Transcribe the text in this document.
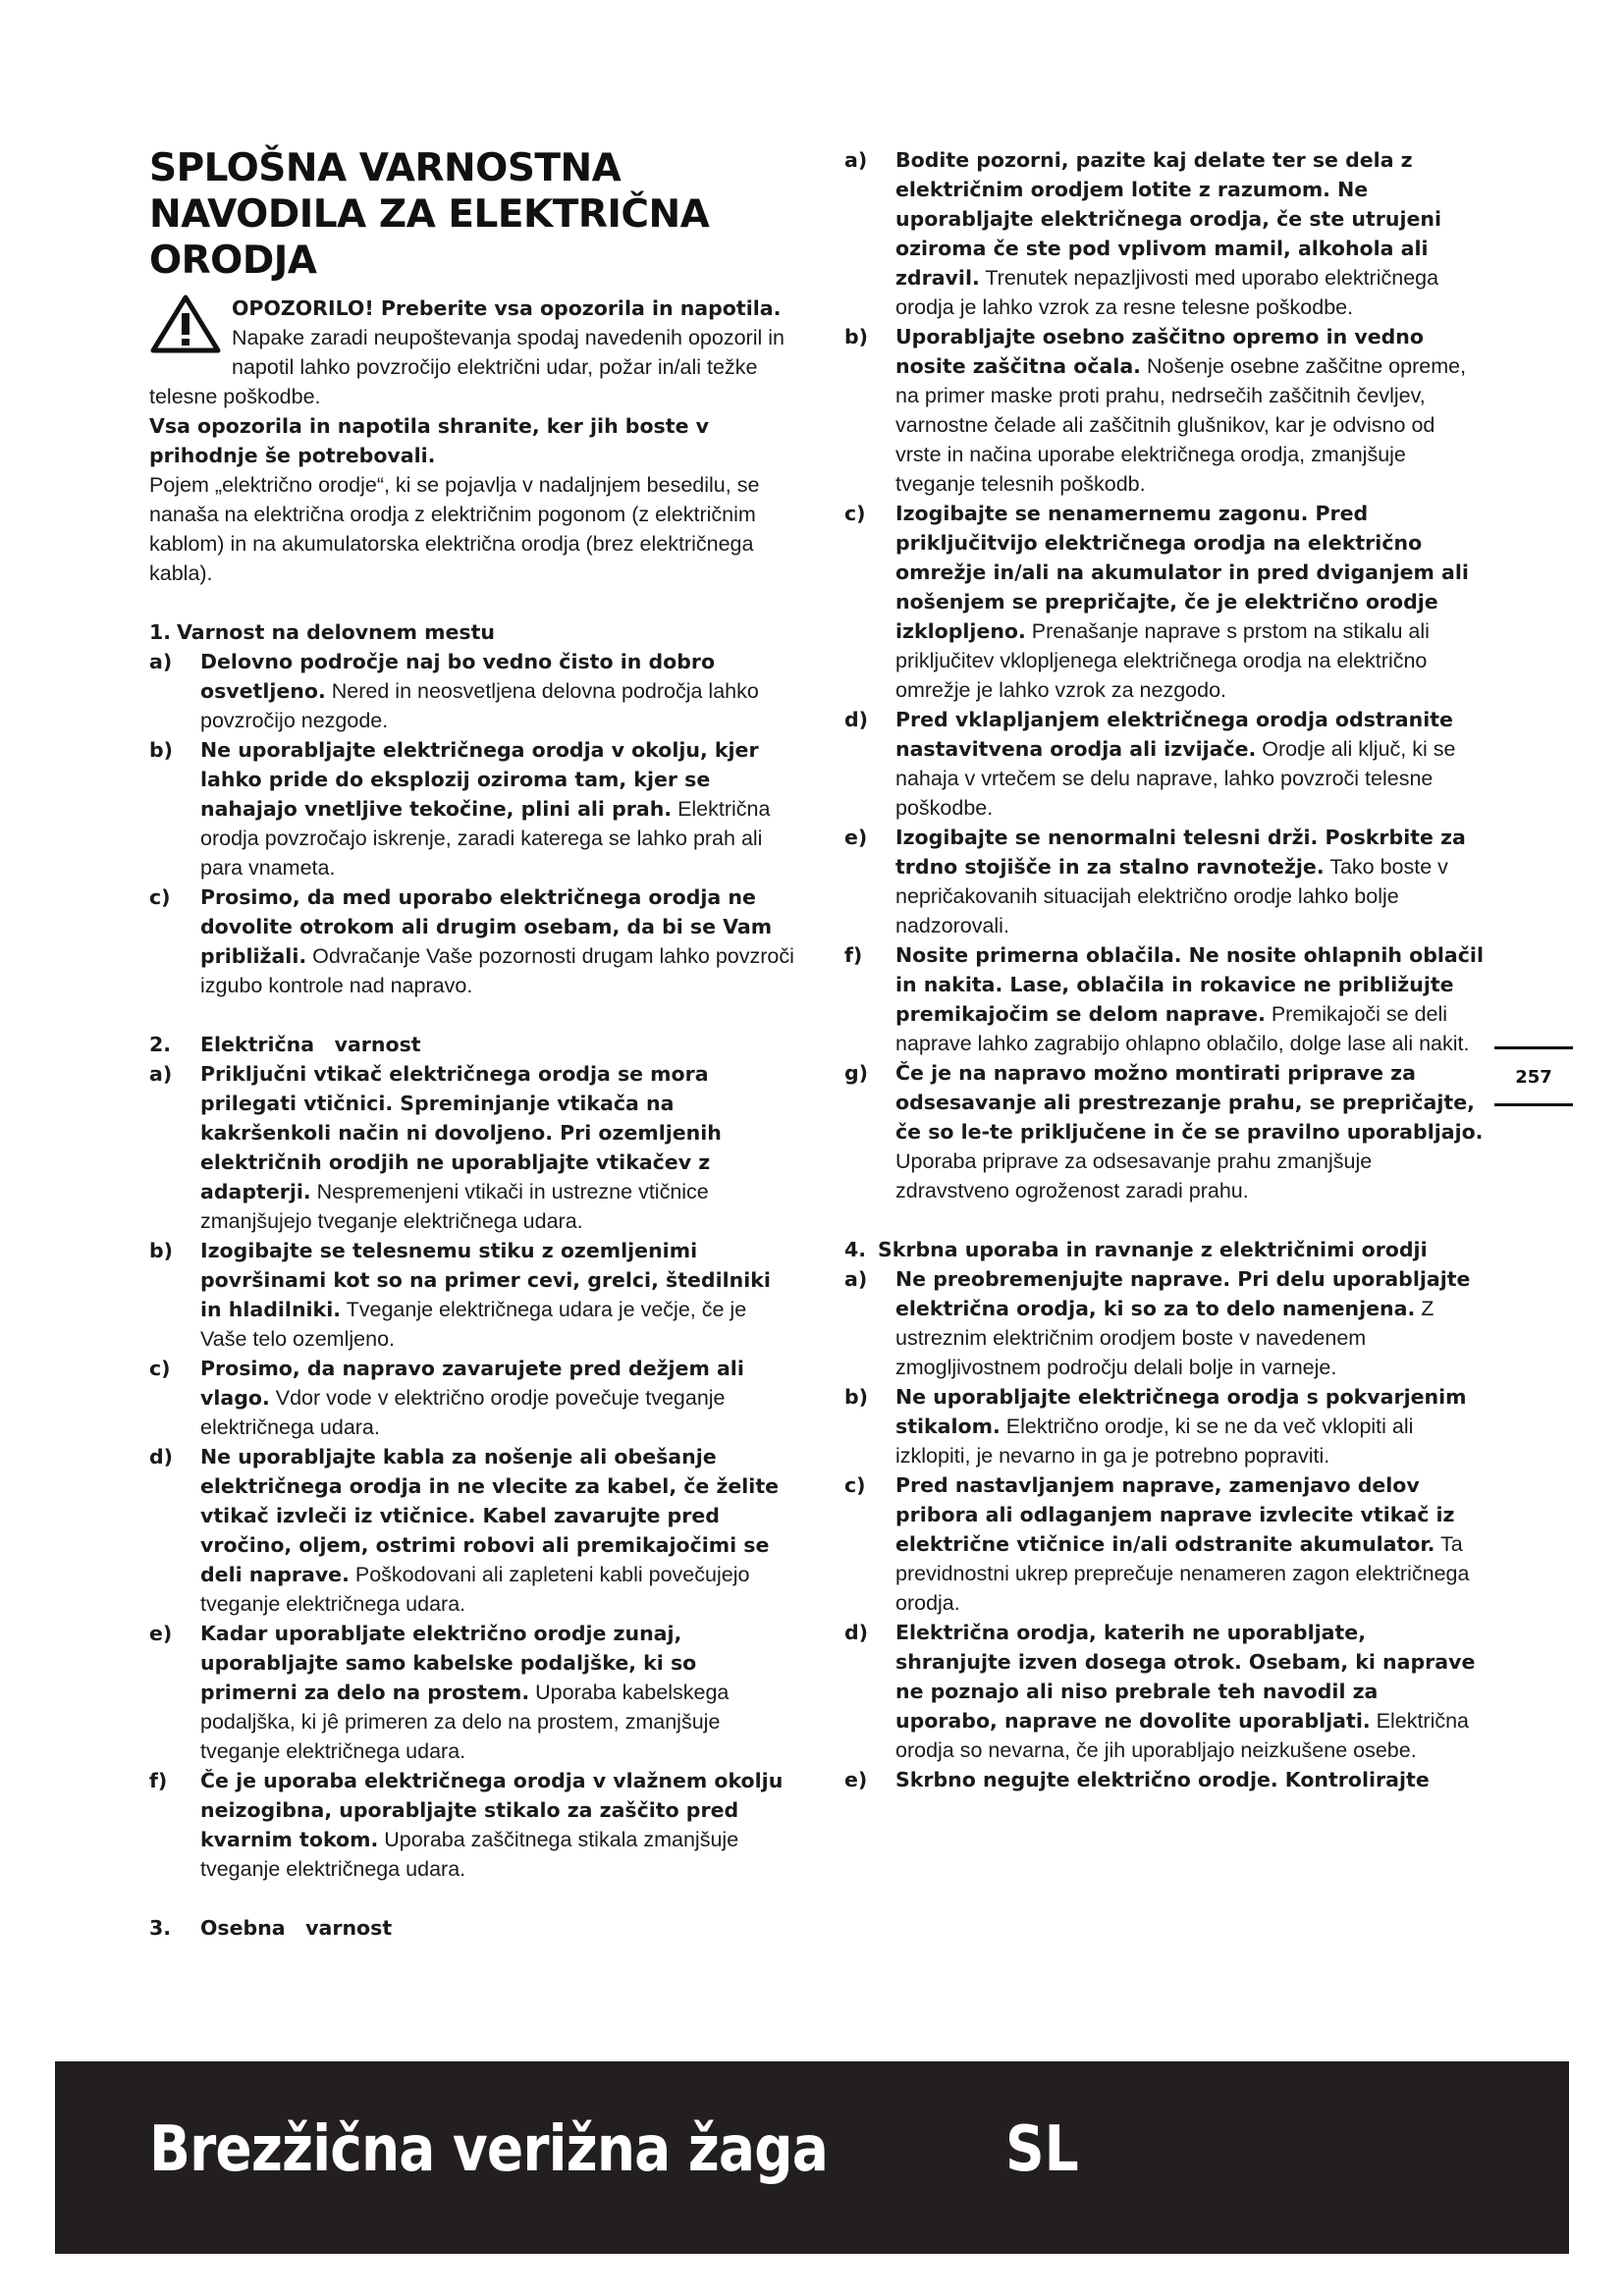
SPLOŠNA VARNOSTNA NAVODILA ZA ELEKTRIČNA ORODJA

OPOZORILO! Preberite vsa opozorila in napotila. Napake zaradi neupoštevanja spodaj navedenih opozoril in napotil lahko povzročijo električni udar, požar in/ali težke telesne poškodbe.

Vsa opozorila in napotila shranite, ker jih boste v prihodnje še potrebovali.

Pojem „električno orodje“, ki se pojavlja v nadaljnjem besedilu, se nanaša na električna orodja z električnim pogonom (z električnim kablom) in na akumulatorska električna orodja (brez električnega kabla).

1. Varnost na delovnem mestu

a) Delovno področje naj bo vedno čisto in dobro osvetljeno. Nered in neosvetljena delovna področja lahko povzročijo nezgode.

b) Ne uporabljajte električnega orodja v okolju, kjer lahko pride do eksplozij oziroma tam, kjer se nahajajo vnetljive tekočine, plini ali prah. Električna orodja povzročajo iskrenje, zaradi katerega se lahko prah ali para vnameta.

c) Prosimo, da med uporabo električnega orodja ne dovolite otrokom ali drugim osebam, da bi se Vam približali. Odvračanje Vaše pozornosti drugam lahko povzroči izgubo kontrole nad napravo.

2. Električna varnost

a) Priključni vtikač električnega orodja se mora prilegati vtičnici. Spreminjanje vtikača na kakršenkoli način ni dovoljeno. Pri ozemljenih električnih orodjih ne uporabljajte vtikačev z adapterji. Nespremenjeni vtikači in ustrezne vtičnice zmanjšujejo tveganje električnega udara.

b) Izogibajte se telesnemu stiku z ozemljenimi površinami kot so na primer cevi, grelci, štedilniki in hladilniki. Tveganje električnega udara je večje, če je Vaše telo ozemljeno.

c) Prosimo, da napravo zavarujete pred dežjem ali vlago. Vdor vode v električno orodje povečuje tveganje električnega udara.

d) Ne uporabljajte kabla za nošenje ali obešanje električnega orodja in ne vlecite za kabel, če želite vtikač izvleči iz vtičnice. Kabel zavarujte pred vročino, oljem, ostrimi robovi ali premikajočimi se deli naprave. Poškodovani ali zapleteni kabli povečujejo tveganje električnega udara.

e) Kadar uporabljate električno orodje zunaj, uporabljajte samo kabelske podaljške, ki so primerni za delo na prostem. Uporaba kabelskega podaljška, ki jê primeren za delo na prostem, zmanjšuje tveganje električnega udara.

f) Če je uporaba električnega orodja v vlažnem okolju neizogibna, uporabljajte stikalo za zaščito pred kvarnim tokom. Uporaba zaščitnega stikala zmanjšuje tveganje električnega udara.

3. Osebna varnost

a) Bodite pozorni, pazite kaj delate ter se dela z električnim orodjem lotite z razumom. Ne uporabljajte električnega orodja, če ste utrujeni oziroma če ste pod vplivom mamil, alkohola ali zdravil. Trenutek nepazljivosti med uporabo električnega orodja je lahko vzrok za resne telesne poškodbe.

b) Uporabljajte osebno zaščitno opremo in vedno nosite zaščitna očala. Nošenje osebne zaščitne opreme, na primer maske proti prahu, nedrsečih zaščitnih čevljev, varnostne čelade ali zaščitnih glušnikov, kar je odvisno od vrste in načina uporabe električnega orodja, zmanjšuje tveganje telesnih poškodb.

c) Izogibajte se nenamernemu zagonu. Pred priključitvijo električnega orodja na električno omrežje in/ali na akumulator in pred dviganjem ali nošenjem se prepričajte, če je električno orodje izklopljeno. Prenašanje naprave s prstom na stikalu ali priključitev vklopljenega električnega orodja na električno omrežje je lahko vzrok za nezgodo.

d) Pred vklapljanjem električnega orodja odstranite nastavitvena orodja ali izvijače. Orodje ali ključ, ki se nahaja v vrtečem se delu naprave, lahko povzroči telesne poškodbe.

e) Izogibajte se nenormalni telesni drži. Poskrbite za trdno stojišče in za stalno ravnotežje. Tako boste v nepričakovanih situacijah električno orodje lahko bolje nadzorovali.

f) Nosite primerna oblačila. Ne nosite ohlapnih oblačil in nakita. Lase, oblačila in rokavice ne približujte premikajočim se delom naprave. Premikajoči se deli naprave lahko zagrabijo ohlapno oblačilo, dolge lase ali nakit.

g) Če je na napravo možno montirati priprave za odsesavanje ali prestrezanje prahu, se prepričajte, če so le-te priključene in če se pravilno uporabljajo. Uporaba priprave za odsesavanje prahu zmanjšuje zdravstveno ogroženost zaradi prahu.

4. Skrbna uporaba in ravnanje z električnimi orodji

a) Ne preobremenjujte naprave. Pri delu uporabljajte električna orodja, ki so za to delo namenjena. Z ustreznim električnim orodjem boste v navedenem zmogljivostnem področju delali bolje in varneje.

b) Ne uporabljajte električnega orodja s pokvarjenim stikalom. Električno orodje, ki se ne da več vklopiti ali izklopiti, je nevarno in ga je potrebno popraviti.

c) Pred nastavljanjem naprave, zamenjavo delov pribora ali odlaganjem naprave izvlecite vtikač iz električne vtičnice in/ali odstranite akumulator. Ta previdnostni ukrep preprečuje nenameren zagon električnega orodja.

d) Električna orodja, katerih ne uporabljate, shranjujte izven dosega otrok. Osebam, ki naprave ne poznajo ali niso prebrale teh navodil za uporabo, naprave ne dovolite uporabljati. Električna orodja so nevarna, če jih uporabljajo neizkušene osebe.

e) Skrbno negujte električno orodje. Kontrolirajte

257
Brezžična verižna žaga	SL
